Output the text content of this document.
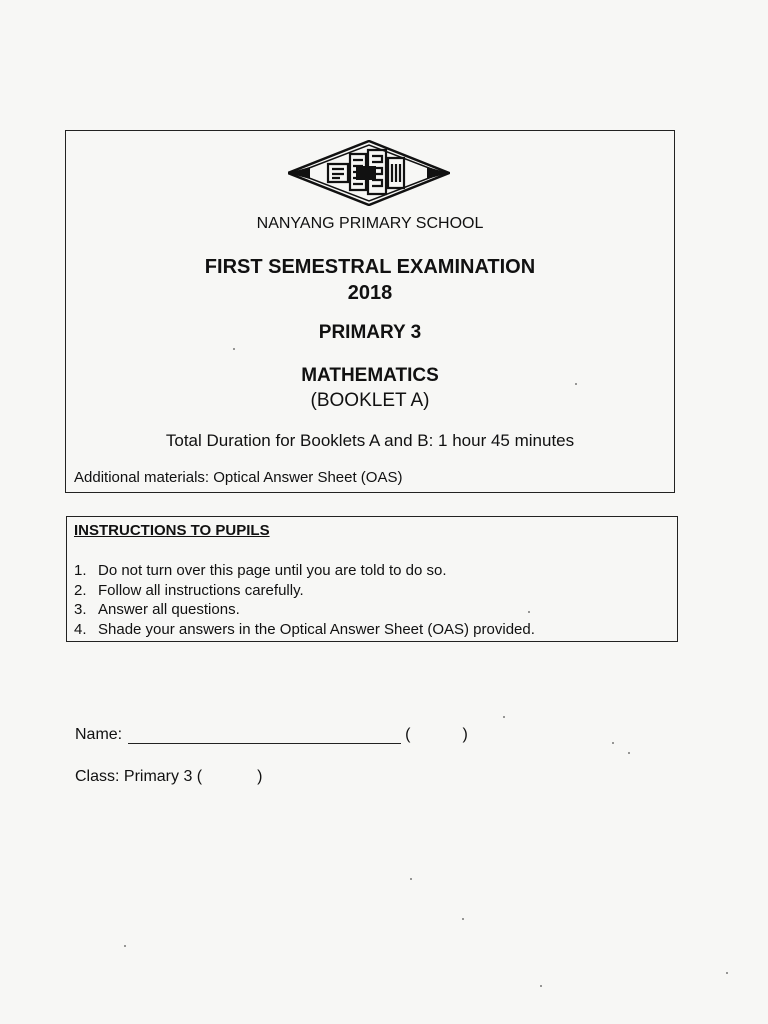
NANYANG PRIMARY SCHOOL

FIRST SEMESTRAL EXAMINATION

2018

PRIMARY 3

MATHEMATICS

(BOOKLET A)

Total Duration for Booklets A and B: 1 hour 45 minutes

Additional materials: Optical Answer Sheet (OAS)

INSTRUCTIONS TO PUPILS

1. Do not turn over this page until you are told to do so.
2. Follow all instructions carefully.
3. Answer all questions.
4. Shade your answers in the Optical Answer Sheet (OAS) provided.
Name:	(	)
Class: Primary 3 (	)
